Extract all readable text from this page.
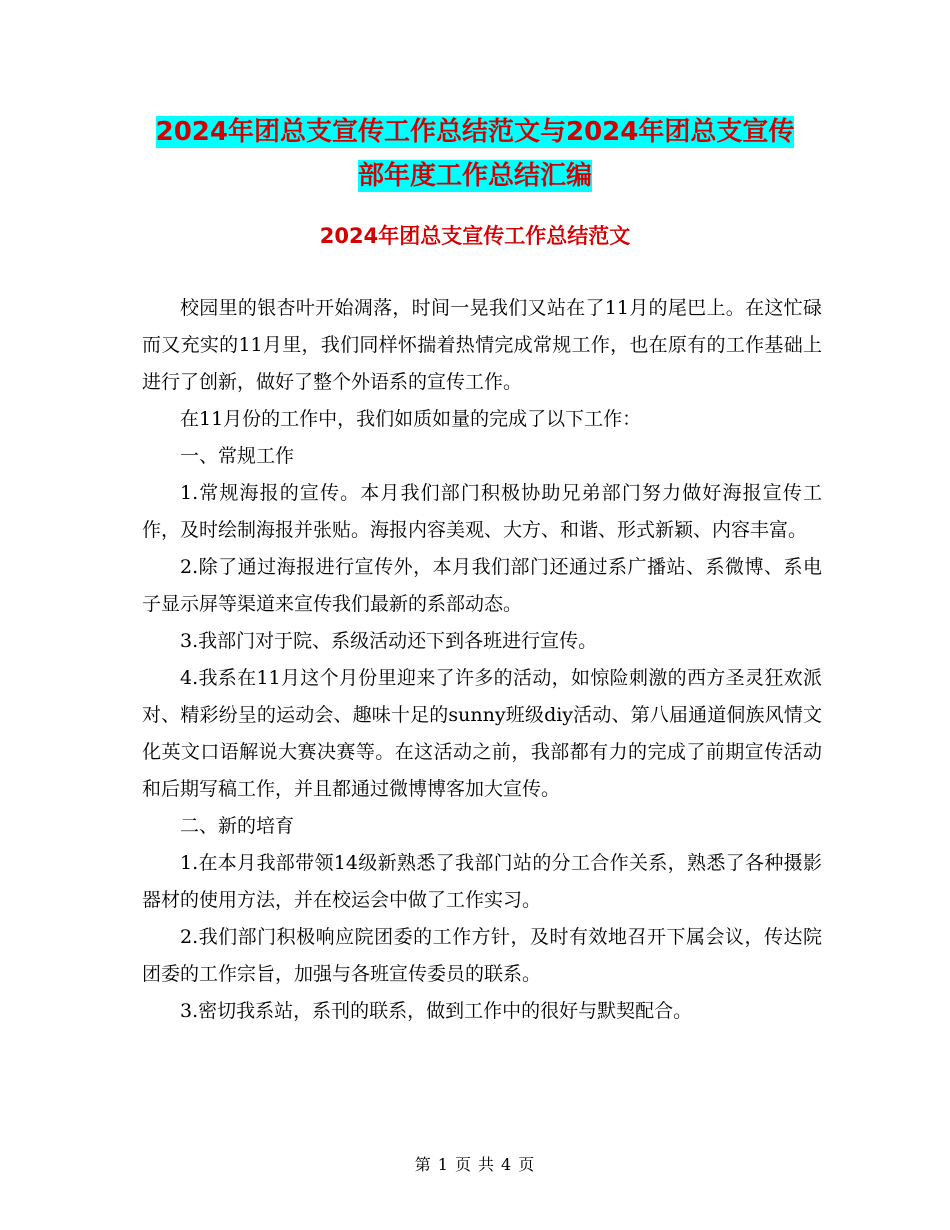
2024年团总支宣传工作总结范文与2024年团总支宣传
部年度工作总结汇编
2024年团总支宣传工作总结范文

校园里的银杏叶开始凋落，时间一晃我们又站在了11月的尾巴上。在这忙碌而又充实的11月里，我们同样怀揣着热情完成常规工作，也在原有的工作基础上进行了创新，做好了整个外语系的宣传工作。

在11月份的工作中，我们如质如量的完成了以下工作：

一、常规工作

1.常规海报的宣传。本月我们部门积极协助兄弟部门努力做好海报宣传工作，及时绘制海报并张贴。海报内容美观、大方、和谐、形式新颖、内容丰富。

2.除了通过海报进行宣传外，本月我们部门还通过系广播站、系微博、系电子显示屏等渠道来宣传我们最新的系部动态。

3.我部门对于院、系级活动还下到各班进行宣传。

4.我系在11月这个月份里迎来了许多的活动，如惊险刺激的西方圣灵狂欢派对、精彩纷呈的运动会、趣味十足的sunny班级diy活动、第八届通道侗族风情文化英文口语解说大赛决赛等。在这活动之前，我部都有力的完成了前期宣传活动和后期写稿工作，并且都通过微博博客加大宣传。

二、新的培育

1.在本月我部带领14级新熟悉了我部门站的分工合作关系，熟悉了各种摄影器材的使用方法，并在校运会中做了工作实习。

2.我们部门积极响应院团委的工作方针，及时有效地召开下属会议，传达院团委的工作宗旨，加强与各班宣传委员的联系。

3.密切我系站，系刊的联系，做到工作中的很好与默契配合。

第 1 页 共 4 页
